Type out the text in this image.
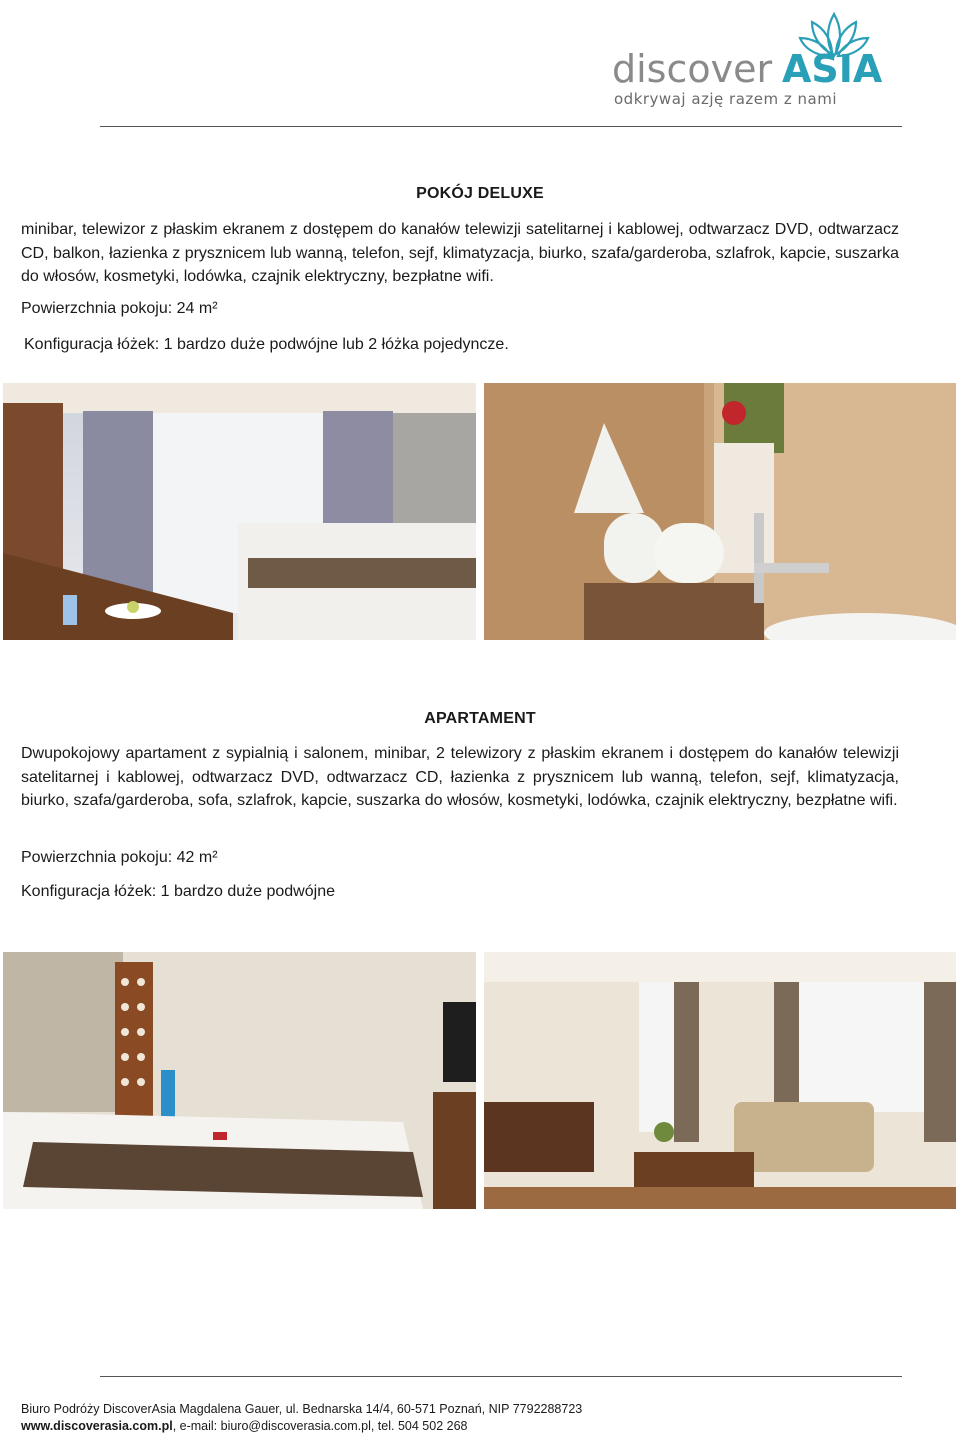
discover ASIA
odkrywaj azję razem z nami
POKÓJ DELUXE
minibar, telewizor z płaskim ekranem z dostępem do kanałów telewizji satelitarnej i kablowej, odtwarzacz DVD, odtwarzacz CD, balkon, łazienka z prysznicem lub wanną, telefon, sejf, klimatyzacja, biurko, szafa/garderoba, szlafrok, kapcie, suszarka do włosów, kosmetyki, lodówka, czajnik elektryczny, bezpłatne wifi.
Powierzchnia pokoju: 24 m²
Konfiguracja łóżek: 1 bardzo duże podwójne lub 2 łóżka pojedyncze.
APARTAMENT
Dwupokojowy apartament z sypialnią i salonem, minibar, 2 telewizory z płaskim ekranem i dostępem do kanałów telewizji satelitarnej i kablowej, odtwarzacz DVD, odtwarzacz CD, łazienka z prysznicem lub wanną, telefon, sejf, klimatyzacja, biurko, szafa/garderoba, sofa, szlafrok, kapcie, suszarka do włosów, kosmetyki, lodówka, czajnik elektryczny, bezpłatne wifi.
Powierzchnia pokoju: 42 m²
Konfiguracja łóżek: 1 bardzo duże podwójne
Biuro Podróży DiscoverAsia Magdalena Gauer, ul. Bednarska 14/4, 60-571 Poznań, NIP 7792288723
www.discoverasia.com.pl, e-mail: biuro@discoverasia.com.pl, tel. 504 502 268
